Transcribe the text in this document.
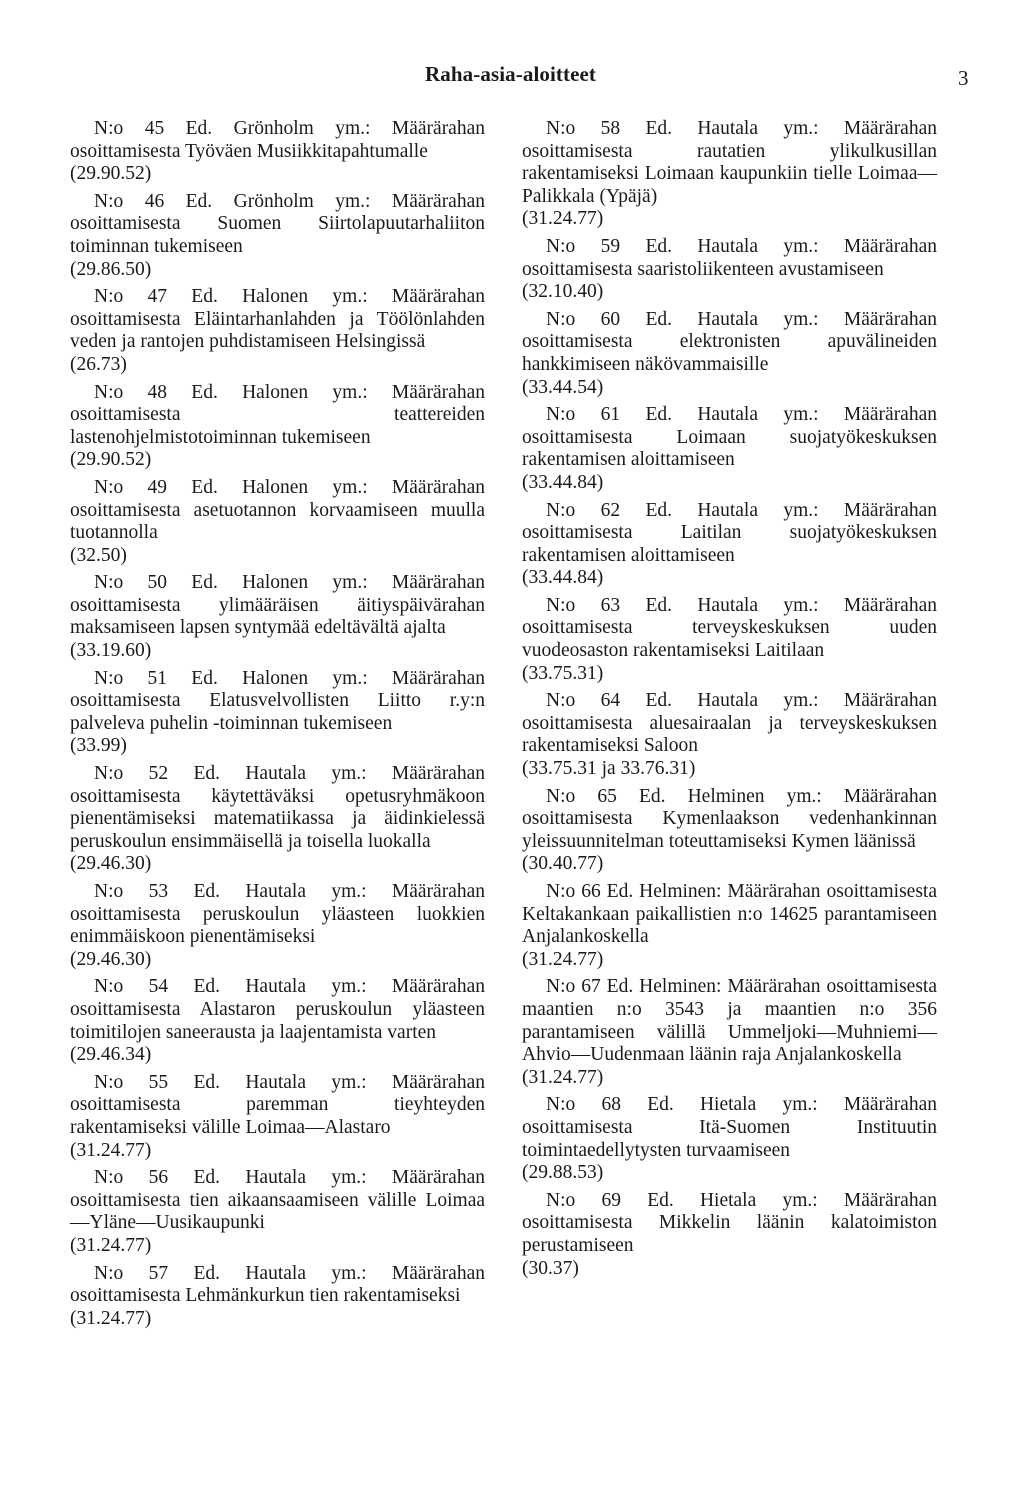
Raha-asia-aloitteet	3

N:o 45 Ed. Grönholm ym.: Määrärahan osoittamisesta Työväen Musiikkitapahtumalle

(29.90.52)

N:o 46 Ed. Grönholm ym.: Määrärahan osoittamisesta Suomen Siirtolapuutarhaliiton toiminnan tukemiseen

(29.86.50)

N:o 47 Ed. Halonen ym.: Määrärahan osoittamisesta Eläintarhanlahden ja Töölönlahden veden ja rantojen puhdistamiseen Helsingissä

(26.73)

N:o 48 Ed. Halonen ym.: Määrärahan osoittamisesta teattereiden lastenohjelmistotoiminnan tukemiseen

(29.90.52)

N:o 49 Ed. Halonen ym.: Määrärahan osoittamisesta asetuotannon korvaamiseen muulla tuotannolla

(32.50)

N:o 50 Ed. Halonen ym.: Määrärahan osoittamisesta ylimääräisen äitiyspäivärahan maksamiseen lapsen syntymää edeltävältä ajalta

(33.19.60)

N:o 51 Ed. Halonen ym.: Määrärahan osoittamisesta Elatusvelvollisten Liitto r.y:n palveleva puhelin -toiminnan tukemiseen

(33.99)

N:o 52 Ed. Hautala ym.: Määrärahan osoittamisesta käytettäväksi opetusryhmäkoon pienentämiseksi matematiikassa ja äidinkielessä peruskoulun ensimmäisellä ja toisella luokalla

(29.46.30)

N:o 53 Ed. Hautala ym.: Määrärahan osoittamisesta peruskoulun yläasteen luokkien enimmäiskoon pienentämiseksi

(29.46.30)

N:o 54 Ed. Hautala ym.: Määrärahan osoittamisesta Alastaron peruskoulun yläasteen toimitilojen saneerausta ja laajentamista varten

(29.46.34)

N:o 55 Ed. Hautala ym.: Määrärahan osoittamisesta paremman tieyhteyden rakentamiseksi välille Loimaa—Alastaro

(31.24.77)

N:o 56 Ed. Hautala ym.: Määrärahan osoittamisesta tien aikaansaamiseen välille Loimaa —Yläne—Uusikaupunki

(31.24.77)

N:o 57 Ed. Hautala ym.: Määrärahan osoittamisesta Lehmänkurkun tien rakentamiseksi

(31.24.77)

N:o 58 Ed. Hautala ym.: Määrärahan osoittamisesta rautatien ylikulkusillan rakentamiseksi Loimaan kaupunkiin tielle Loimaa—Palikkala (Ypäjä)

(31.24.77)

N:o 59 Ed. Hautala ym.: Määrärahan osoittamisesta saaristoliikenteen avustamiseen

(32.10.40)

N:o 60 Ed. Hautala ym.: Määrärahan osoittamisesta elektronisten apuvälineiden hankkimiseen näkövammaisille

(33.44.54)

N:o 61 Ed. Hautala ym.: Määrärahan osoittamisesta Loimaan suojatyökeskuksen rakentamisen aloittamiseen

(33.44.84)

N:o 62 Ed. Hautala ym.: Määrärahan osoittamisesta Laitilan suojatyökeskuksen rakentamisen aloittamiseen

(33.44.84)

N:o 63 Ed. Hautala ym.: Määrärahan osoittamisesta terveyskeskuksen uuden vuodeosaston rakentamiseksi Laitilaan

(33.75.31)

N:o 64 Ed. Hautala ym.: Määrärahan osoittamisesta aluesairaalan ja terveyskeskuksen rakentamiseksi Saloon

(33.75.31 ja 33.76.31)

N:o 65 Ed. Helminen ym.: Määrärahan osoittamisesta Kymenlaakson vedenhankinnan yleissuunnitelman toteuttamiseksi Kymen läänissä

(30.40.77)

N:o 66 Ed. Helminen: Määrärahan osoittamisesta Keltakankaan paikallistien n:o 14625 parantamiseen Anjalankoskella

(31.24.77)

N:o 67 Ed. Helminen: Määrärahan osoittamisesta maantien n:o 3543 ja maantien n:o 356 parantamiseen välillä Ummeljoki—Muhniemi—Ahvio—Uudenmaan läänin raja Anjalankoskella

(31.24.77)

N:o 68 Ed. Hietala ym.: Määrärahan osoittamisesta Itä-Suomen Instituutin toimintaedellytysten turvaamiseen

(29.88.53)

N:o 69 Ed. Hietala ym.: Määrärahan osoittamisesta Mikkelin läänin kalatoimiston perustamiseen

(30.37)
